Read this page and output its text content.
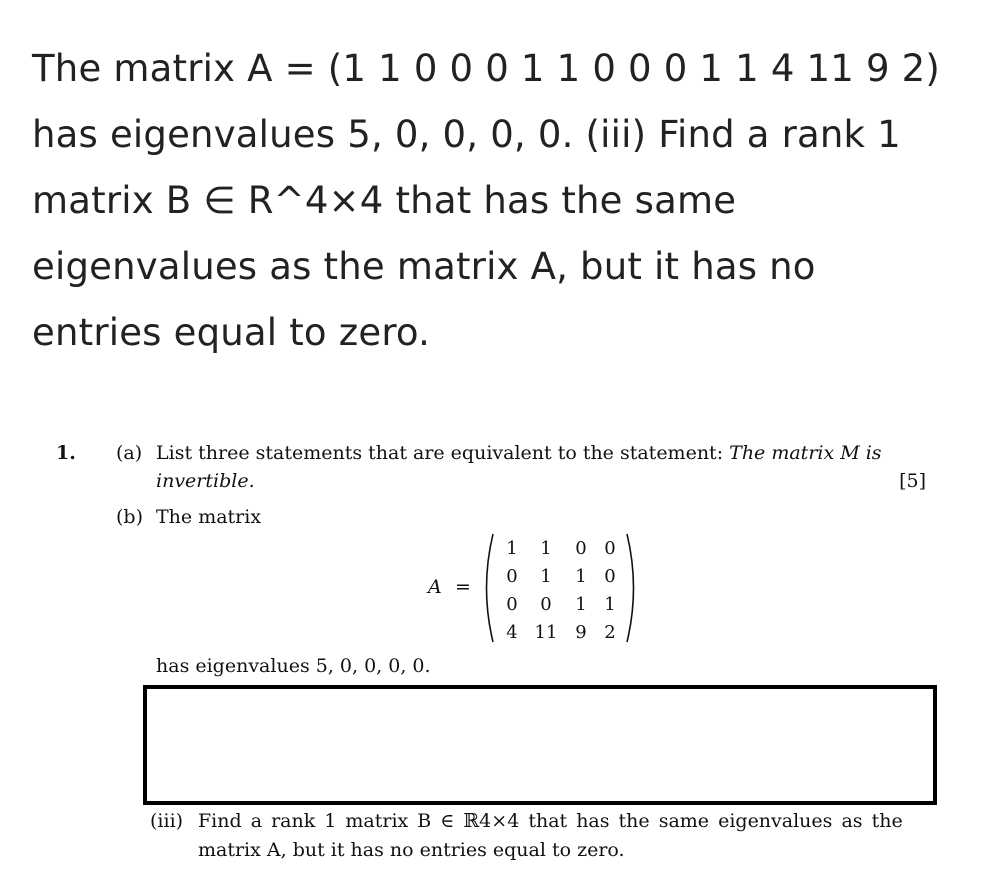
The matrix A = (1 1 0 0 0 1 1 0 0 0 1 1 4 11 9 2)
has eigenvalues 5, 0, 0, 0, 0. (iii) Find a rank 1
matrix B ∈ R^4×4 that has the same
eigenvalues as the matrix A, but it has no
entries equal to zero.
1. (a) List three statements that are equivalent to the statement: The matrix M is
invertible.	[5]
(b) The matrix
A =
1	1	0	0
0	1	1	0
0	0	1	1
4	11	9	2
has eigenvalues 5, 0, 0, 0, 0.
(iii) Find a rank 1 matrix B ∈ ℝ4×4 that has the same eigenvalues as the
matrix A, but it has no entries equal to zero.
